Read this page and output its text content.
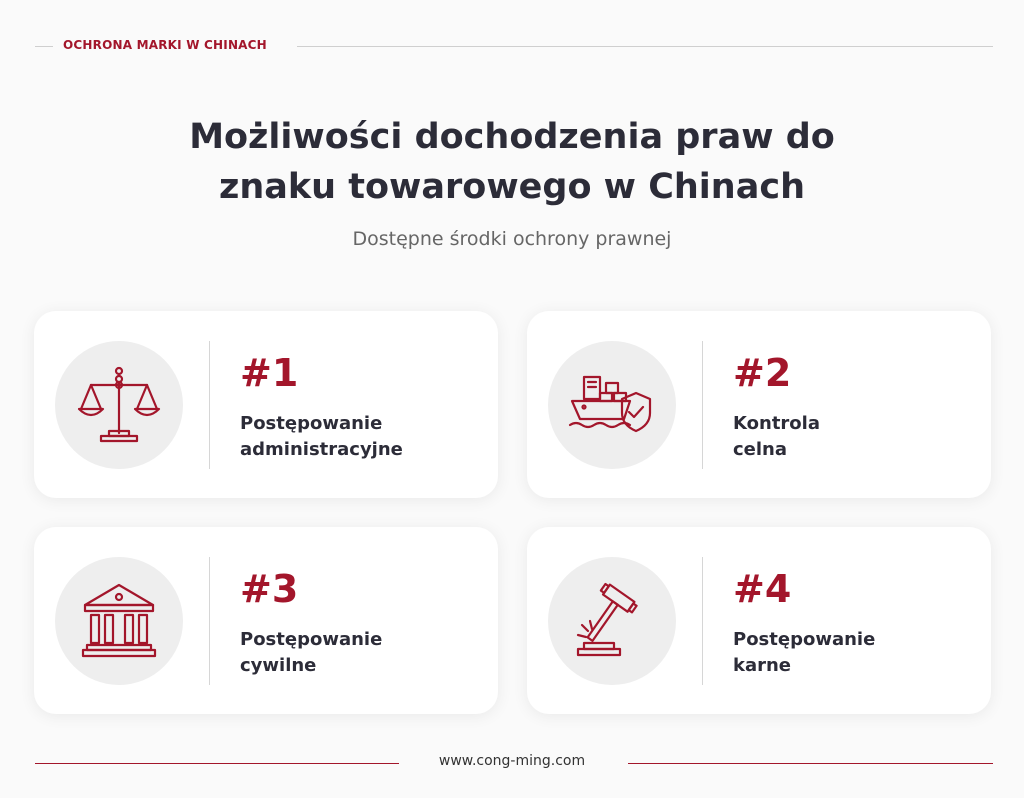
OCHRONA MARKI W CHINACH
Możliwości dochodzenia praw do
znaku towarowego w Chinach
Dostępne środki ochrony prawnej
#1
Postępowanie
administracyjne
#2
Kontrola
celna
#3
Postępowanie
cywilne
#4
Postępowanie
karne
www.cong-ming.com
